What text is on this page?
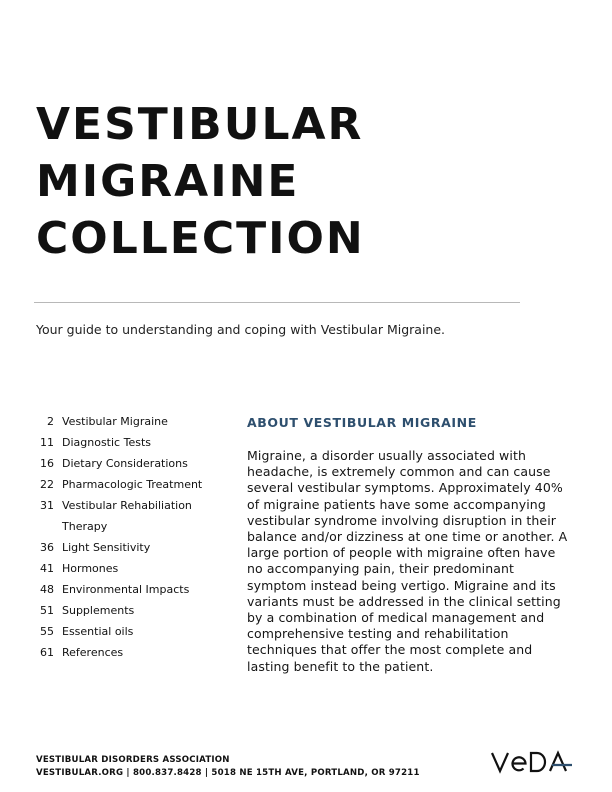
VESTIBULAR
MIGRAINE
COLLECTION

Your guide to understanding and coping with Vestibular Migraine.

2 Vestibular Migraine
11 Diagnostic Tests
16 Dietary Considerations
22 Pharmacologic Treatment
31 Vestibular Rehabiliation Therapy
36 Light Sensitivity
41 Hormones
48 Environmental Impacts
51 Supplements
55 Essential oils
61 References
ABOUT VESTIBULAR MIGRAINE

Migraine, a disorder usually associated with headache, is extremely common and can cause several vestibular symptoms. Approximately 40% of migraine patients have some accompanying vestibular syndrome involving disruption in their balance and/or dizziness at one time or another. A large portion of people with migraine often have no accompanying pain, their predominant symptom instead being vertigo. Migraine and its variants must be addressed in the clinical setting by a combination of medical management and comprehensive testing and rehabilitation techniques that offer the most complete and lasting benefit to the patient.

VESTIBULAR DISORDERS ASSOCIATION
VESTIBULAR.ORG | 800.837.8428 | 5018 NE 15TH AVE, PORTLAND, OR 97211
